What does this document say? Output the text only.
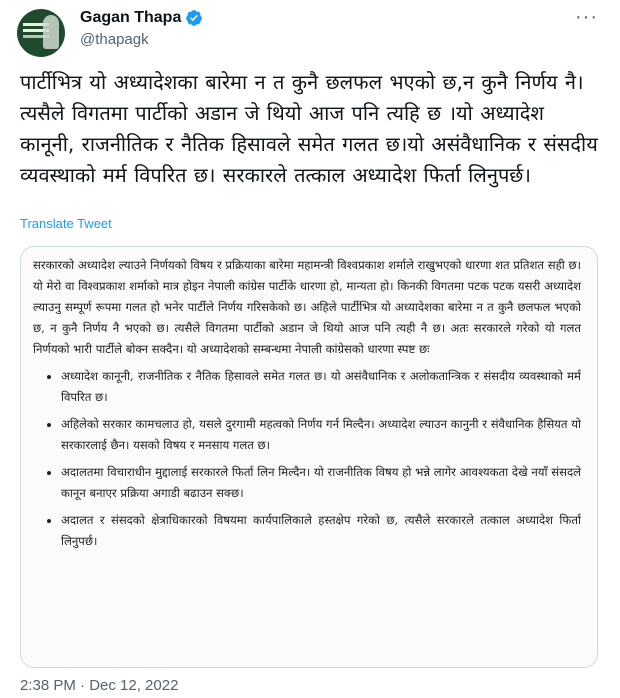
Gagan Thapa
@thapagk
···
पार्टीभित्र यो अध्यादेशका बारेमा न त कुनै छलफल भएको छ,न कुनै निर्णय नै।त्यसैले विगतमा पार्टीको अडान जे थियो आज पनि त्यहि छ ।यो अध्यादेश कानूनी, राजनीतिक र नैतिक हिसावले समेत गलत छ।यो असंवैधानिक र संसदीय व्यवस्थाको मर्म विपरित छ। सरकारले तत्काल अध्यादेश फिर्ता लिनुपर्छ।
Translate Tweet

सरकारको अध्यादेश ल्याउने निर्णयको विषय र प्रक्रियाका बारेमा महामन्त्री विश्वप्रकाश शर्माले राखुभएको धारणा शत प्रतिशत सही छ। यो मेरो वा विश्वप्रकाश शर्माको मात्र होइन नेपाली कांग्रेस पार्टीके धारणा हो, मान्यता हो। किनकी विगतमा पटक पटक यसरी अध्यादेश ल्याउनु सम्पूर्ण रूपमा गलत हो भनेर पार्टीले निर्णय गरिसकेको छ। अहिले पार्टीभित्र यो अध्यादेशका बारेमा न त कुनै छलफल भएको छ, न कुनै निर्णय नै भएको छ। त्यसैले विगतमा पार्टीको अडान जे थियो आज पनि त्यही नै छ। अतः सरकारले गरेको यो गलत निर्णयको भारी पार्टीले बोक्न सक्दैन। यो अध्यादेशको सम्बन्धमा नेपाली कांग्रेसको धारणा स्पष्ट छः

• अध्यादेश कानूनी, राजनीतिक र नैतिक हिसावले समेत गलत छ। यो असंवैधानिक र अलोकतान्त्रिक र संसदीय व्यवस्थाको मर्म विपरित छ।
• अहिलेको सरकार कामचलाउ हो, यसले दुरगामी महत्वको निर्णय गर्न मिल्दैन। अध्यादेश ल्याउन कानुनी र संवैधानिक हैसियत यो सरकारलाई छैन। यसको विषय र मनसाय गलत छ।
• अदालतमा विचाराधीन मुद्दालाई सरकारले फिर्ता लिन मिल्दैन। यो राजनीतिक विषय हो भन्ने लागेर आवश्यकता देखे नयाँ संसदले कानून बनाएर प्रक्रिया अगाडी बढाउन सक्छ।
• अदालत र संसदको क्षेत्राधिकारको विषयमा कार्यपालिकाले हस्तक्षेप गरेको छ, त्यसैले सरकारले तत्काल अध्यादेश फिर्ता लिनुपर्छ।
2:38 PM · Dec 12, 2022
